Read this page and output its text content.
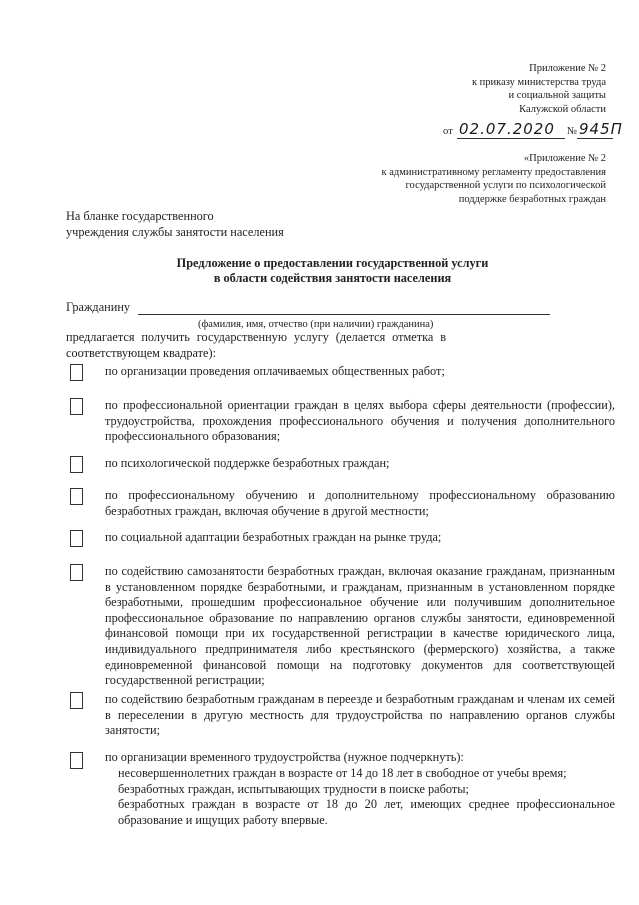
Приложение № 2
к приказу министерства труда
и социальной защиты
Калужской области
от 02.07.2020 № 945П
«Приложение № 2
к административному регламенту предоставления
государственной услуги по психологической
поддержке безработных граждан
На бланке государственного
учреждения службы занятости населения
Предложение о предоставлении государственной услуги
в области содействия занятости населения
Гражданину
(фамилия, имя, отчество (при наличии) гражданина)
предлагается получить государственную услугу (делается отметка в соответствующем квадрате):
по организации проведения оплачиваемых общественных работ;
по профессиональной ориентации граждан в целях выбора сферы деятельности (профессии), трудоустройства, прохождения профессионального обучения и получения дополнительного профессионального образования;
по психологической поддержке безработных граждан;
по профессиональному обучению и дополнительному профессиональному образованию безработных граждан, включая обучение в другой местности;
по социальной адаптации безработных граждан на рынке труда;
по содействию самозанятости безработных граждан, включая оказание гражданам, признанным в установленном порядке безработными, и гражданам, признанным в установленном порядке безработными, прошедшим профессиональное обучение или получившим дополнительное профессиональное образование по направлению органов службы занятости, единовременной финансовой помощи при их государственной регистрации в качестве юридического лица, индивидуального предпринимателя либо крестьянского (фермерского) хозяйства, а также единовременной финансовой помощи на подготовку документов для соответствующей государственной регистрации;
по содействию безработным гражданам в переезде и безработным гражданам и членам их семей в переселении в другую местность для трудоустройства по направлению органов службы занятости;
по организации временного трудоустройства (нужное подчеркнуть):
несовершеннолетних граждан в возрасте от 14 до 18 лет в свободное от учебы время;
безработных граждан, испытывающих трудности в поиске работы;
безработных граждан в возрасте от 18 до 20 лет, имеющих среднее профессиональное образование и ищущих работу впервые.
